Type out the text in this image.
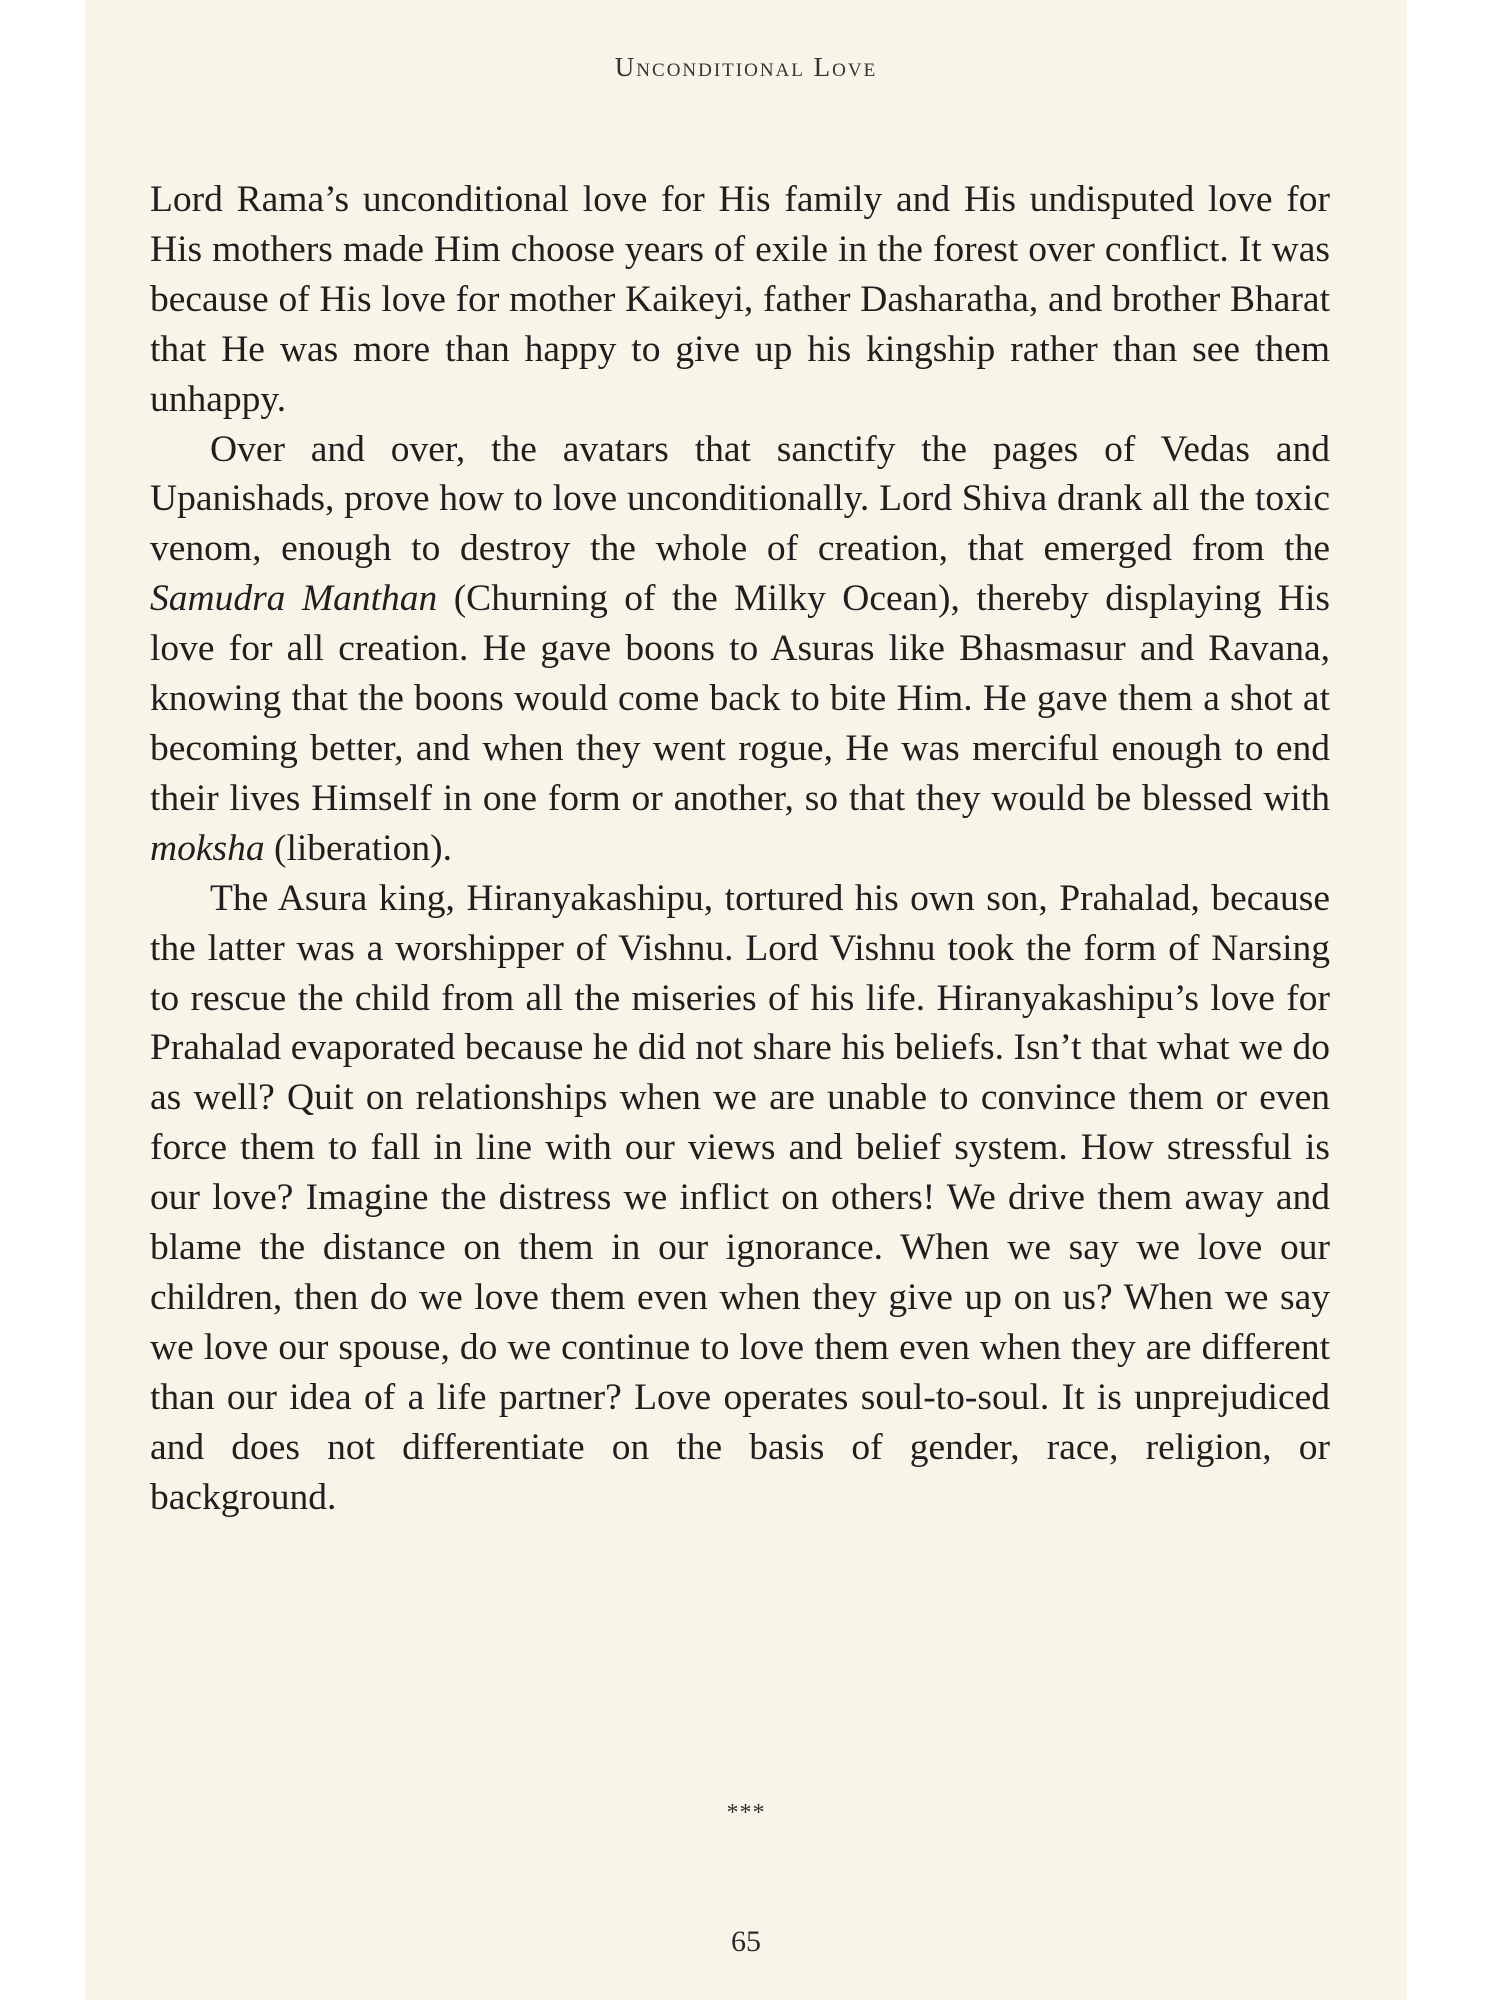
Unconditional Love

Lord Rama’s unconditional love for His family and His undisputed love for His mothers made Him choose years of exile in the forest over conflict. It was because of His love for mother Kaikeyi, father Dasharatha, and brother Bharat that He was more than happy to give up his kingship rather than see them unhappy.

Over and over, the avatars that sanctify the pages of Vedas and Upanishads, prove how to love unconditionally. Lord Shiva drank all the toxic venom, enough to destroy the whole of creation, that emerged from the Samudra Manthan (Churning of the Milky Ocean), thereby displaying His love for all creation. He gave boons to Asuras like Bhasmasur and Ravana, knowing that the boons would come back to bite Him. He gave them a shot at becoming better, and when they went rogue, He was merciful enough to end their lives Himself in one form or another, so that they would be blessed with moksha (liberation).

The Asura king, Hiranyakashipu, tortured his own son, Prahalad, because the latter was a worshipper of Vishnu. Lord Vishnu took the form of Narsing to rescue the child from all the miseries of his life. Hiranyakashipu’s love for Prahalad evaporated because he did not share his beliefs. Isn’t that what we do as well? Quit on relationships when we are unable to convince them or even force them to fall in line with our views and belief system. How stressful is our love? Imagine the distress we inflict on others! We drive them away and blame the distance on them in our ignorance. When we say we love our children, then do we love them even when they give up on us? When we say we love our spouse, do we continue to love them even when they are different than our idea of a life partner? Love operates soul-to-soul. It is unprejudiced and does not differentiate on the basis of gender, race, religion, or background.

***
65
